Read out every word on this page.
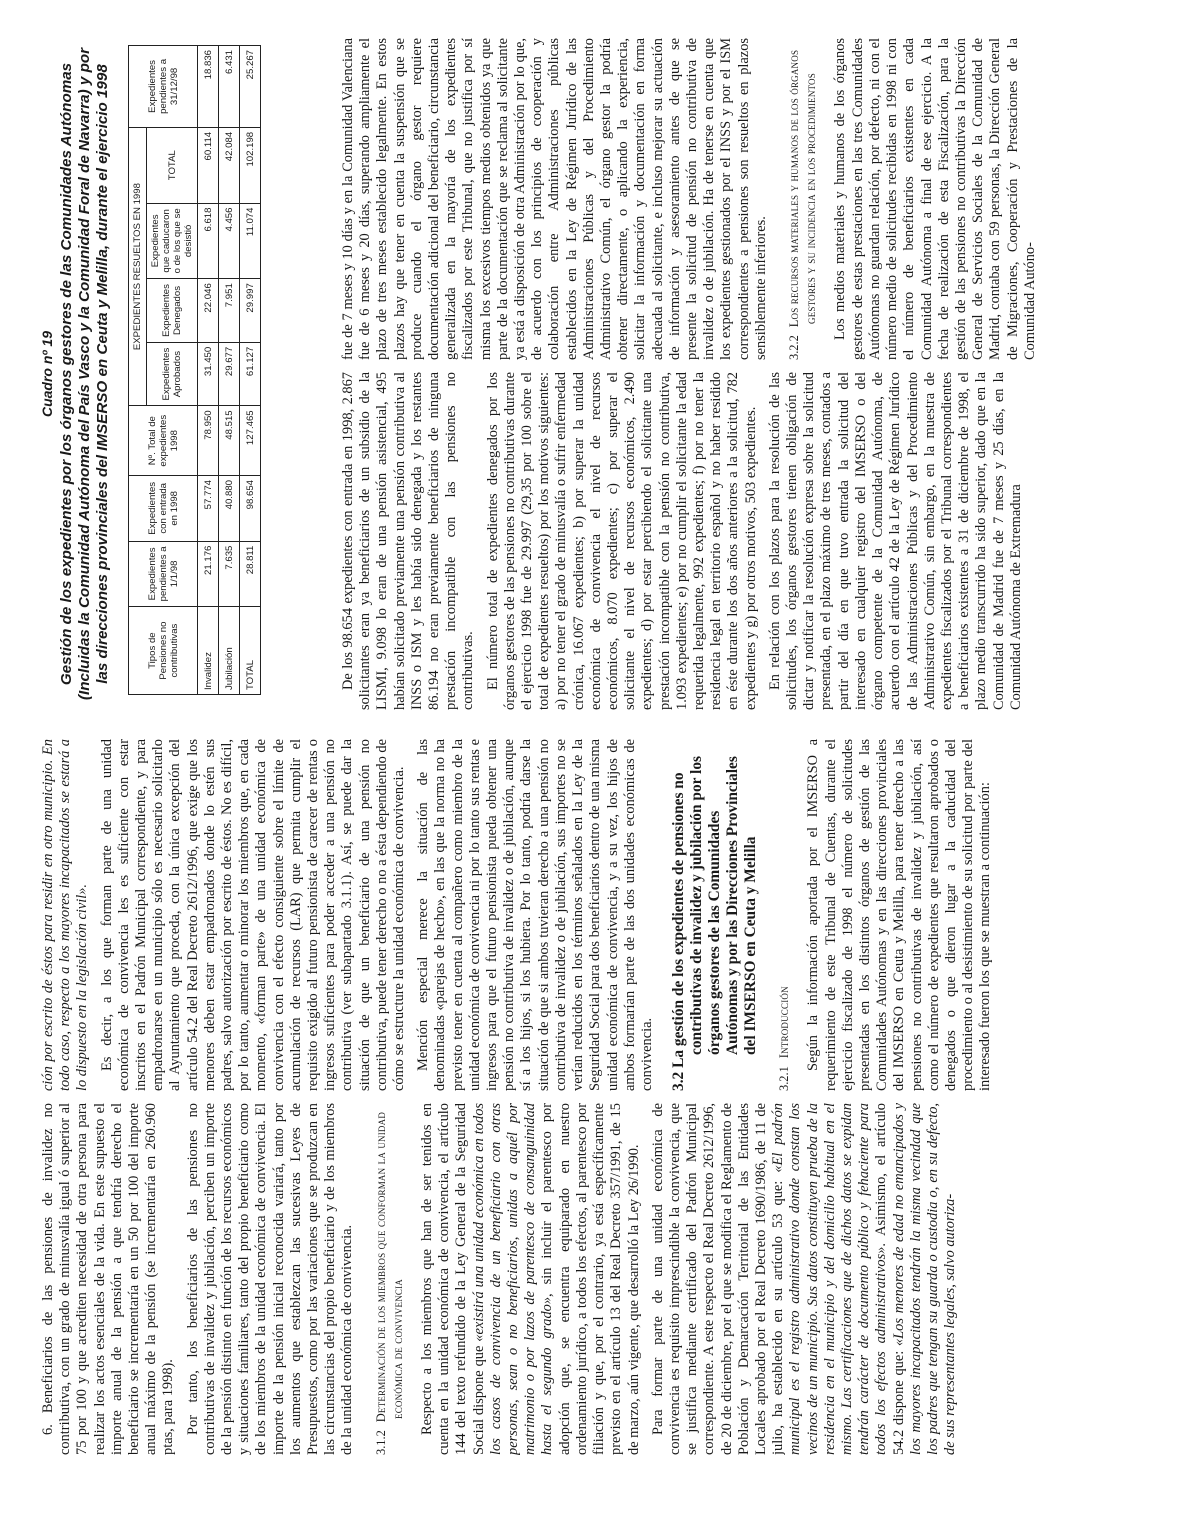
6. Beneficiarios de las pensiones de invalidez no contributiva, con un grado de minusvalía igual ó superior al 75 por 100 y que acrediten necesidad de otra persona para realizar los actos esenciales de la vida. En este supuesto el importe anual de la pensión a que tendría derecho el beneficiario se incrementaría en un 50 por 100 del importe anual máximo de la pensión (se incrementaría en 260.960 ptas, para 1998). Por tanto, los beneficiarios de las pensiones no contributivas de invalidez y jubilación, perciben un importe de la pensión distinto en función de los recursos económicos y situaciones familiares, tanto del propio beneficiario como de los miembros de la unidad económica de convivencia. El importe de la pensión inicial reconocida variará, tanto por los aumentos que establezcan las sucesivas Leyes de Presupuestos, como por las variaciones que se produzcan en las circunstancias del propio beneficiario y de los miembros de la unidad económica de convivencia. 3.1.2Determinación de los miembros que conforman la unidad económica de convivencia Respecto a los miembros que han de ser tenidos en cuenta en la unidad económica de convivencia, el artículo 144 del texto refundido de la Ley General de la Seguridad Social dispone que «existirá una unidad económica en todos los casos de convivencia de un beneficiario con otras personas, sean o no beneficiarios, unidas a aquél por matrimonio o por lazos de parentesco de consanguinidad hasta el segundo grado», sin incluir el parentesco por adopción que, se encuentra equiparado en nuestro ordenamiento jurídico, a todos los efectos, al parentesco por filiación y que, por el contrario, ya está específicamente previsto en el artículo 13 del Real Decreto 357/1991, de 15 de marzo, aún vigente, que desarrolló la Ley 26/1990. Para formar parte de una unidad económica de convivencia es requisito imprescindible la convivencia, que se justifica mediante certificado del Padrón Municipal correspondiente. A este respecto el Real Decreto 2612/1996, de 20 de diciembre, por el que se modifica el Reglamento de Población y Demarcación Territorial de las Entidades Locales aprobado por el Real Decreto 1690/1986, de 11 de julio, ha establecido en su artículo 53 que: «El padrón municipal es el registro administrativo donde constan los vecinos de un municipio. Sus datos constituyen prueba de la residencia en el municipio y del domicilio habitual en el mismo. Las certificaciones que de dichos datos se expidan tendrán carácter de documento público y fehaciente para todos los efectos administrativos». Asimismo, el artículo 54.2 dispone que: «Los menores de edad no emancipados y los mayores incapacitados tendrán la misma vecindad que los padres que tengan su guarda o custodia o, en su defecto, de sus representantes legales, salvo autoriza-

ción por escrito de éstos para residir en otro municipio. En todo caso, respecto a los mayores incapacitados se estará a lo dispuesto en la legislación civil». Es decir, a los que forman parte de una unidad económica de convivencia les es suficiente con estar inscritos en el Padrón Municipal correspondiente, y para empadronarse en un municipio sólo es necesario solicitarlo al Ayuntamiento que proceda, con la única excepción del artículo 54.2 del Real Decreto 2612/1996, que exige que los menores deben estar empadronados donde lo estén sus padres, salvo autorización por escrito de éstos. No es difícil, por lo tanto, aumentar o minorar los miembros que, en cada momento, «forman parte» de una unidad económica de convivencia con el efecto consiguiente sobre el límite de acumulación de recursos (LAR) que permita cumplir el requisito exigido al futuro pensionista de carecer de rentas o ingresos suficientes para poder acceder a una pensión no contributiva (ver subapartado 3.1.1). Así, se puede dar la situación de que un beneficiario de una pensión no contributiva, puede tener derecho o no a ésta dependiendo de cómo se estructure la unidad económica de convivencia. Mención especial merece la situación de las denominadas «parejas de hecho», en las que la norma no ha previsto tener en cuenta al compañero como miembro de la unidad económica de convivencia ni por lo tanto sus rentas e ingresos para que el futuro pensionista pueda obtener una pensión no contributiva de invalidez o de jubilación, aunque sí a los hijos, si los hubiera. Por lo tanto, podría darse la situación de que si ambos tuvieran derecho a una pensión no contributiva de invalidez o de jubilación, sus importes no se verían reducidos en los términos señalados en la Ley de la Seguridad Social para dos beneficiarios dentro de una misma unidad económica de convivencia, y a su vez, los hijos de ambos formarían parte de las dos unidades económicas de convivencia. 3.2 La gestión de los expedientes de pensiones no contributivas de invalidez y jubilación por los órganos gestores de las Comunidades Autónomas y por las Direcciones Provinciales del IMSERSO en Ceuta y Melilla
3.2.1Introducción Según la información aportada por el IMSERSO a requerimiento de este Tribunal de Cuentas, durante el ejercicio fiscalizado de 1998 el número de solicitudes presentadas en los distintos órganos de gestión de las Comunidades Autónomas y en las direcciones provinciales del IMSERSO en Ceuta y Melilla, para tener derecho a las pensiones no contributivas de invalidez y jubilación, así como el número de expedientes que resultaron aprobados o denegados o que dieron lugar a la caducidad del procedimiento o al desistimiento de su solicitud por parte del interesado fueron los que se muestran a continuación:

Cuadro nº 19 Gestión de los expedientes por los órganos gestores de las Comunidades Autónomas (Incluidas la Comunidad Autónoma del País Vasco y la Comunidad Foral de Navarra) y por las direcciones provinciales del IMSERSO en Ceuta y Melilla, durante el ejercicio 1998	Tipos de Pensiones no contributivas	Expedientes pendientes a 1/1/98	Expedientes con entrada en 1998	Nº. Total de expedientes 1998	EXPEDIENTES RESUELTOS EN 1998				Expedientes pendientes a 31/12/98
				Expedientes Aprobados	Expedientes Denegados	Expedientes que caducaron o de los que se desistió	TOTAL	
Invalidez	21.176	57.774	78.950	31.450	22.046	6.618	60.114	18.836
Jubilación	7.635	40.880	48.515	29.677	7.951	4.456	42.084	6.431
TOTAL	28.811	98.654	127.465	61.127	29.997	11.074	102.198	25.267

De los 98.654 expedientes con entrada en 1998, 2.867 solicitantes eran ya beneficiarios de un subsidio de la LISMI, 9.098 lo eran de una pensión asistencial, 495 habían solicitado previamente una pensión contributiva al INSS o ISM y les había sido denegada y los restantes 86.194 no eran previamente beneficiarios de ninguna prestación incompatible con las pensiones no contributivas. El número total de expedientes denegados por los órganos gestores de las pensiones no contributivas durante el ejercicio 1998 fue de 29.997 (29,35 por 100 sobre el total de expedientes resueltos) por los motivos siguientes: a) por no tener el grado de minusvalía o sufrir enfermedad crónica, 16.067 expedientes; b) por superar la unidad económica de convivencia el nivel de recursos económicos, 8.070 expedientes; c) por superar el solicitante el nivel de recursos económicos, 2.490 expedientes; d) por estar percibiendo el solicitante una prestación incompatible con la pensión no contributiva, 1.093 expedientes; e) por no cumplir el solicitante la edad requerida legalmente, 992 expedientes; f) por no tener la residencia legal en territorio español y no haber residido en éste durante los dos años anteriores a la solicitud, 782 expedientes y g) por otros motivos, 503 expedientes. En relación con los plazos para la resolución de las solicitudes, los órganos gestores tienen obligación de dictar y notificar la resolución expresa sobre la solicitud presentada, en el plazo máximo de tres meses, contados a partir del día en que tuvo entrada la solicitud del interesado en cualquier registro del IMSERSO o del órgano competente de la Comunidad Autónoma, de acuerdo con el artículo 42 de la Ley de Régimen Jurídico de las Administraciones Públicas y del Procedimiento Administrativo Común, sin embargo, en la muestra de expedientes fiscalizados por el Tribunal correspondientes a beneficiarios existentes a 31 de diciembre de 1998, el plazo medio transcurrido ha sido superior, dado que en la Comunidad de Madrid fue de 7 meses y 25 días, en la Comunidad Autónoma de Extremadura

fue de 7 meses y 10 días y en la Comunidad Valenciana fue de 6 meses y 20 días, superando ampliamente el plazo de tres meses establecido legalmente. En estos plazos hay que tener en cuenta la suspensión que se produce cuando el órgano gestor requiere documentación adicional del beneficiario, circunstancia generalizada en la mayoría de los expedientes fiscalizados por este Tribunal, que no justifica por sí misma los excesivos tiempos medios obtenidos ya que parte de la documentación que se reclama al solicitante ya está a disposición de otra Administración por lo que, de acuerdo con los principios de cooperación y colaboración entre Administraciones públicas establecidos en la Ley de Régimen Jurídico de las Administraciones Públicas y del Procedimiento Administrativo Común, el órgano gestor la podría obtener directamente, o aplicando la experiencia, solicitar la información y documentación en forma adecuada al solicitante, e incluso mejorar su actuación de información y asesoramiento antes de que se presente la solicitud de pensión no contributiva de invalidez o de jubilación. Ha de tenerse en cuenta que los expedientes gestionados por el INSS y por el ISM correspondientes a pensiones son resueltos en plazos sensiblemente inferiores. 3.2.2Los recursos materiales y humanos de los órganos gestores y su incidencia en los procedimientos Los medios materiales y humanos de los órganos gestores de estas prestaciones en las tres Comunidades Autónomas no guardan relación, por defecto, ni con el número medio de solicitudes recibidas en 1998 ni con el número de beneficiarios existentes en cada Comunidad Autónoma a final de ese ejercicio. A la fecha de realización de esta Fiscalización, para la gestión de las pensiones no contributivas la Dirección General de Servicios Sociales de la Comunidad de Madrid, contaba con 59 personas, la Dirección General de Migraciones, Cooperación y Prestaciones de la Comunidad Autóno-
